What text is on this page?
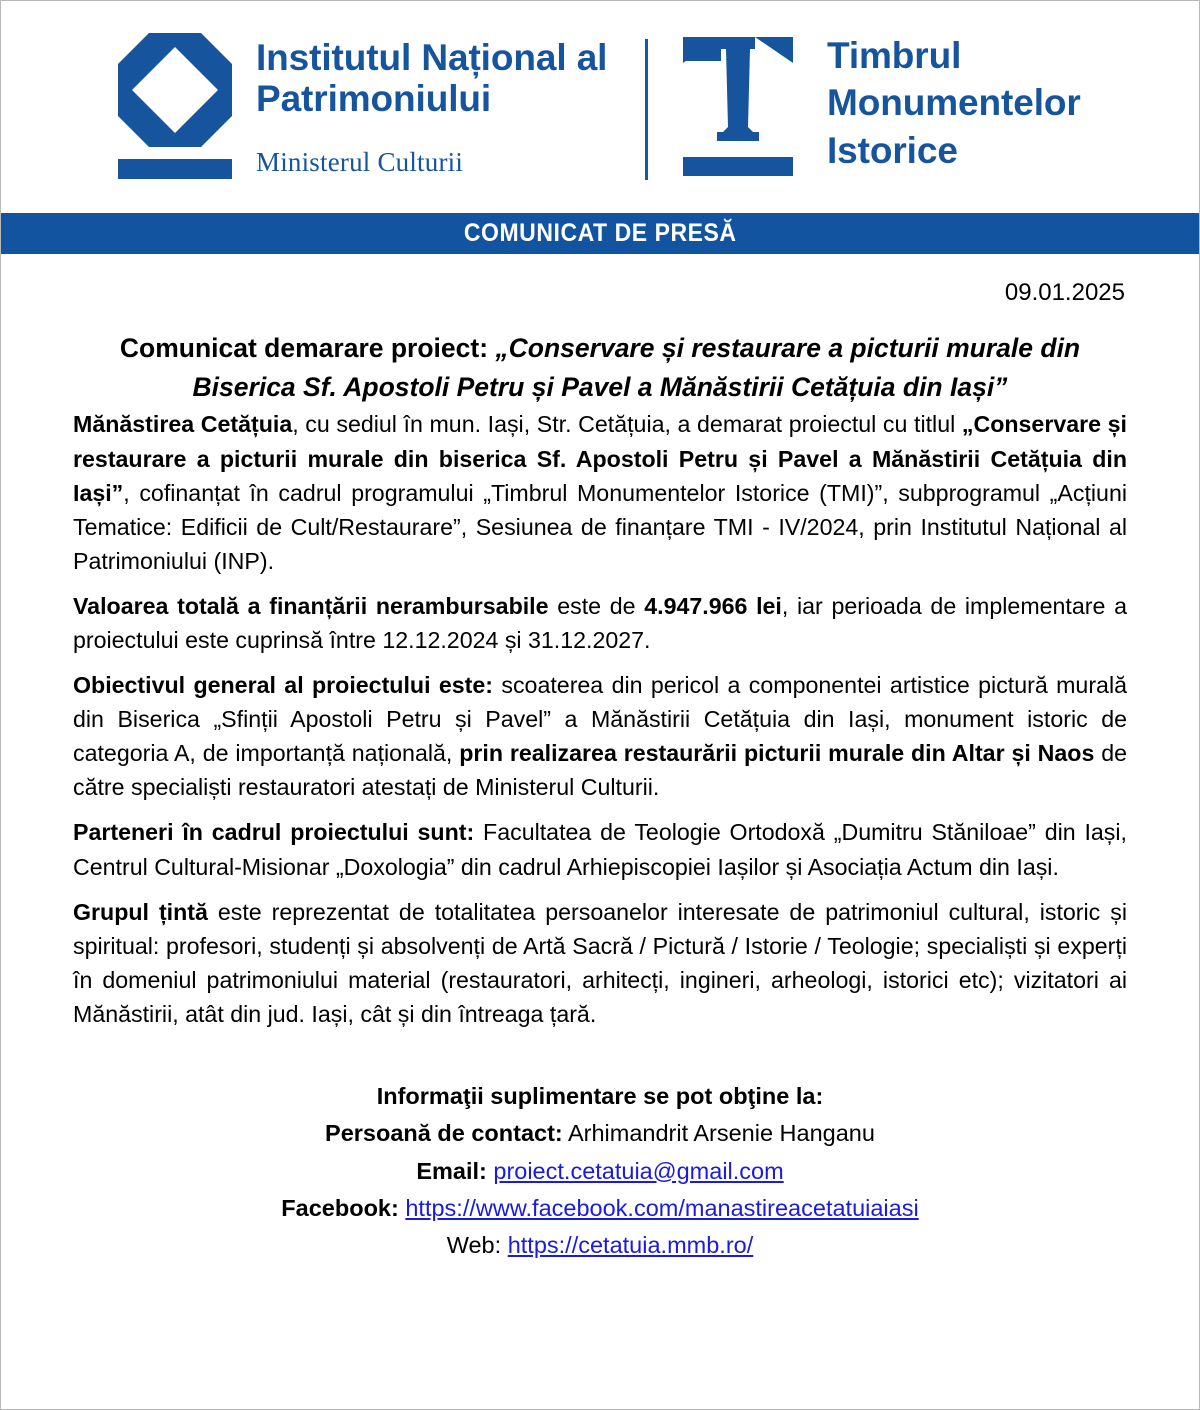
Institutul Național al
Patrimoniului
Ministerul Culturii
Timbrul
Monumentelor
Istorice
COMUNICAT DE PRESĂ
09.01.2025
Comunicat demarare proiect: „Conservare și restaurare a picturii murale din Biserica Sf. Apostoli Petru și Pavel a Mănăstirii Cetățuia din Iași”

Mănăstirea Cetățuia, cu sediul în mun. Iași, Str. Cetățuia, a demarat proiectul cu titlul „Conservare și restaurare a picturii murale din biserica Sf. Apostoli Petru și Pavel a Mănăstirii Cetățuia din Iași”, cofinanțat în cadrul programului „Timbrul Monumentelor Istorice (TMI)”, subprogramul „Acțiuni Tematice: Edificii de Cult/Restaurare”, Sesiunea de finanțare TMI - IV/2024, prin Institutul Național al Patrimoniului (INP).

Valoarea totală a finanțării nerambursabile este de 4.947.966 lei, iar perioada de implementare a proiectului este cuprinsă între 12.12.2024 și 31.12.2027.

Obiectivul general al proiectului este: scoaterea din pericol a componentei artistice pictură murală din Biserica „Sfinții Apostoli Petru și Pavel” a Mănăstirii Cetățuia din Iași, monument istoric de categoria A, de importanță națională, prin realizarea restaurării picturii murale din Altar și Naos de către specialiști restauratori atestați de Ministerul Culturii.

Parteneri în cadrul proiectului sunt: Facultatea de Teologie Ortodoxă „Dumitru Stăniloae” din Iași, Centrul Cultural-Misionar „Doxologia” din cadrul Arhiepiscopiei Iașilor și Asociația Actum din Iași.

Grupul țintă este reprezentat de totalitatea persoanelor interesate de patrimoniul cultural, istoric și spiritual: profesori, studenți și absolvenți de Artă Sacră / Pictură / Istorie / Teologie; specialiști și experți în domeniul patrimoniului material (restauratori, arhitecți, ingineri, arheologi, istorici etc); vizitatori ai Mănăstirii, atât din jud. Iași, cât și din întreaga țară.

Informaţii suplimentare se pot obţine la:
Persoană de contact: Arhimandrit Arsenie Hanganu
Email: proiect.cetatuia@gmail.com
Facebook: https://www.facebook.com/manastireacetatuiaiasi
Web: https://cetatuia.mmb.ro/
